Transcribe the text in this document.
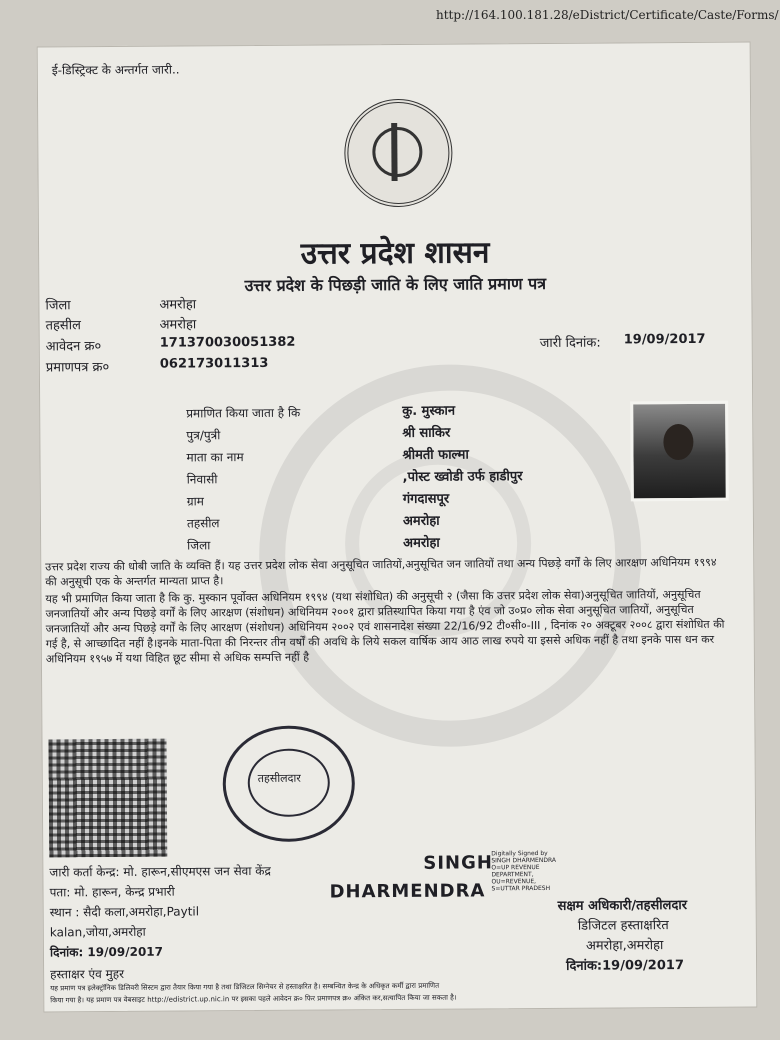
http://164.100.181.28/eDistrict/Certificate/Caste/Forms/
ई-डिस्ट्रिक्ट के अन्तर्गत जारी..
उत्तर प्रदेश शासन
उत्तर प्रदेश के पिछड़ी जाति के लिए जाति प्रमाण पत्र
जिला	अमरोहा
तहसील	अमरोहा
आवेदन क्र०	171370030051382
प्रमाणपत्र क्र०	062173011313
जारी दिनांक: 19/09/2017
प्रमाणित किया जाता है कि	कु. मुस्कान
पुत्र/पुत्री	श्री साकिर
माता का नाम	श्रीमती फाल्मा
निवासी	,पोस्ट ख्वोडी उर्फ हाडीपुर
ग्राम	गंगदासपूर
तहसील	अमरोहा
जिला	अमरोहा

उत्तर प्रदेश राज्य की धोबी जाति के व्यक्ति हैं। यह उत्तर प्रदेश लोक सेवा अनुसूचित जातियों,अनुसूचित जन जातियों तथा अन्य पिछड़े वर्गों के लिए आरक्षण अधिनियम १९९४ की अनुसूची एक के अन्तर्गत मान्यता प्राप्त है।

यह भी प्रमाणित किया जाता है कि कु. मुस्कान पूर्वोक्त अधिनियम १९९४ (यथा संशोधित) की अनुसूची २ (जैसा कि उत्तर प्रदेश लोक सेवा)अनुसूचित जातियों, अनुसूचित जनजातियों और अन्य पिछड़े वर्गों के लिए आरक्षण (संशोधन) अधिनियम २००१ द्वारा प्रतिस्थापित किया गया है एंव जो उ०प्र० लोक सेवा अनुसूचित जातियों, अनुसूचित जनजातियों और अन्य पिछड़े वर्गों के लिए आरक्षण (संशोधन) अधिनियम २००२ एवं शासनादेश संख्या 22/16/92 टी०सी०-III , दिनांक २० अक्टूबर २००८ द्वारा संशोधित की गई है, से आच्छादित नहीं है।इनके माता-पिता की निरन्तर तीन वर्षों की अवधि के लिये सकल वार्षिक आय आठ लाख रुपये या इससे अधिक नहीं है तथा इनके पास धन कर अधिनियम १९५७ में यथा विहित छूट सीमा से अधिक सम्पत्ति नहीं है

तहसीलदार
जारी कर्ता केन्द्र: मो. हारून,सीएमएस जन सेवा केंद्र
पता: मो. हारून, केन्द्र प्रभारी
स्थान : सैदी कला,अमरोहा,Paytil
kalan,जोया,अमरोहा
दिनांक: 19/09/2017
हस्ताक्षर एंव मुहर
SINGH
DHARMENDRA
Digitally Signed by SINGH DHARMENDRA O=UP REVENUE DEPARTMENT, OU=REVENUE, S=UTTAR PRADESH
सक्षम अधिकारी/तहसीलदार
डिजिटल हस्ताक्षरित
अमरोहा,अमरोहा
दिनांक:19/09/2017
यह प्रमाण पत्र इलेक्ट्रॉनिक डिलिवरी सिस्टम द्वारा तैयार किया गया है तथा डिजिटल सिग्नेचर से हस्ताक्षरित है। सम्बन्धित केन्द्र के अधिकृत कर्मी द्वारा प्रमाणित
किया गया है। यह प्रमाण पत्र वेबसाइट http://edistrict.up.nic.in पर इसका पहले आवेदन क्र० फिर प्रमाणपत्र क्र० अंकित कर,सत्यापित किया जा सकता है।
